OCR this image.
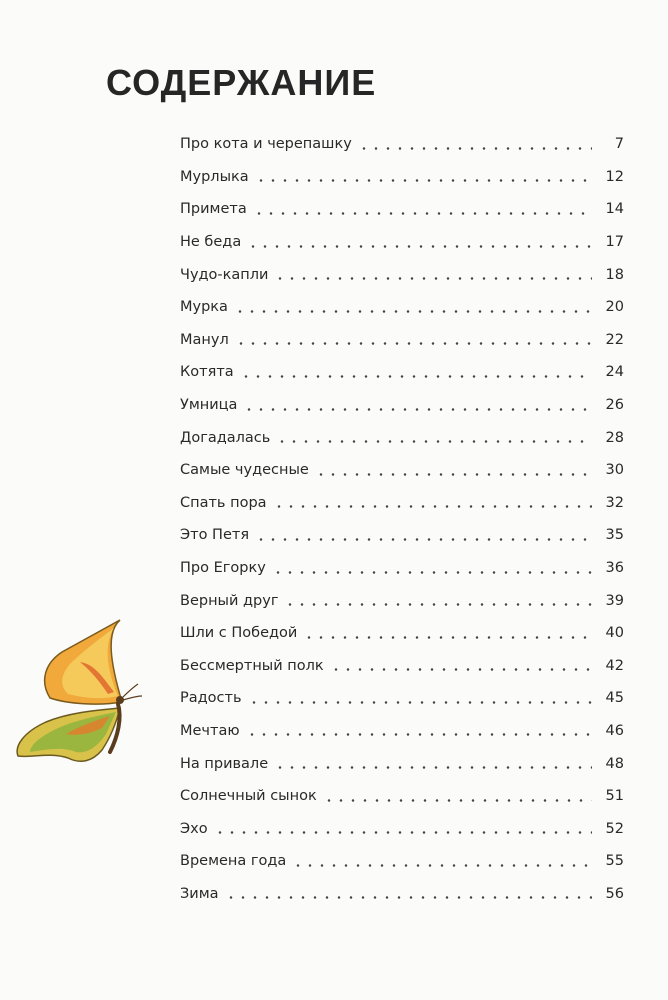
СОДЕРЖАНИЕ
Про кота и черепашку	7
Мурлыка	12
Примета	14
Не беда	17
Чудо-капли	18
Мурка	20
Манул	22
Котята	24
Умница	26
Догадалась	28
Самые чудесные	30
Спать пора	32
Это Петя	35
Про Егорку	36
Верный друг	39
Шли с Победой	40
Бессмертный полк	42
Радость	45
Мечтаю	46
На привале	48
Солнечный сынок	51
Эхо	52
Времена года	55
Зима	56
